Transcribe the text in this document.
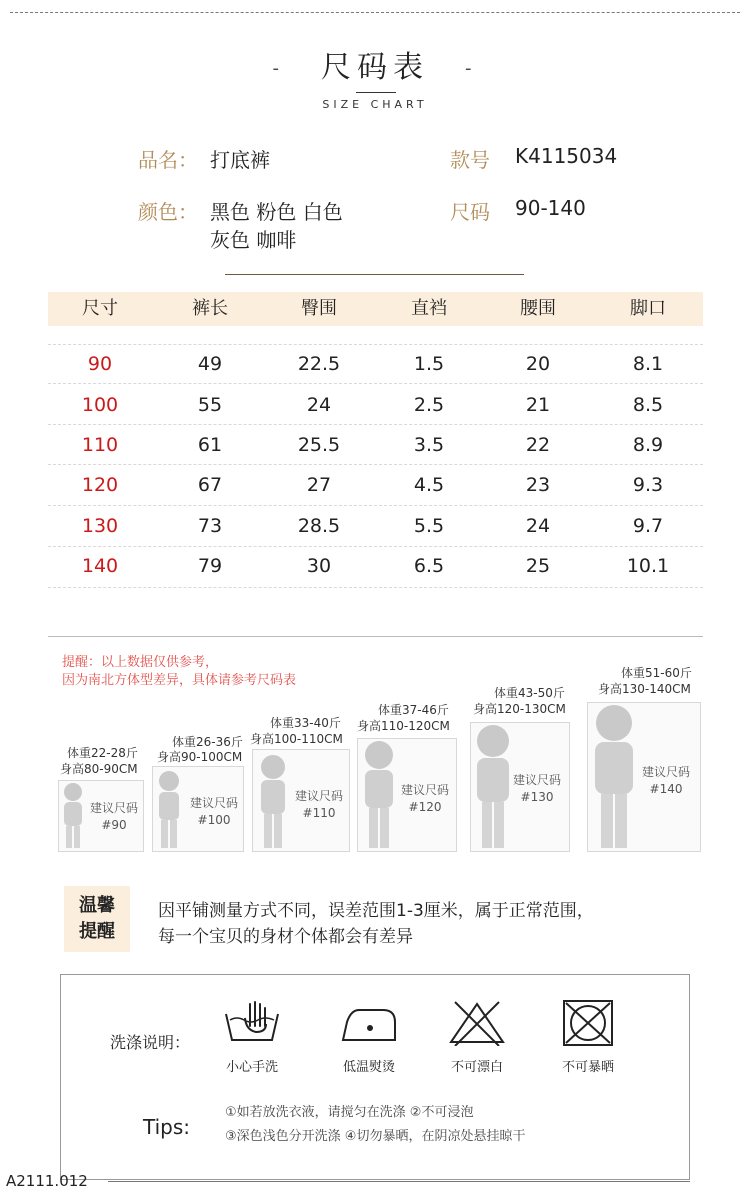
- 尺码表 -
SIZE CHART
品名： 打底裤	款号 K4115034
颜色： 黑色 粉色 白色
灰色 咖啡
尺码 90-140
尺寸	裤长	臀围	直裆	腰围	脚口
90	49	22.5	1.5	20	8.1
100	55	24	2.5	21	8.5
110	61	25.5	3.5	22	8.9
120	67	27	4.5	23	9.3
130	73	28.5	5.5	24	9.7
140	79	30	6.5	25	10.1
提醒：以上数据仅供参考，
因为南北方体型差异，具体请参考尺码表
体重22-28斤
身高80-90CM
建议尺码
#90
体重26-36斤
身高90-100CM
建议尺码
#100
体重33-40斤
身高100-110CM
建议尺码
#110
体重37-46斤
身高110-120CM
建议尺码
#120
体重43-50斤
身高120-130CM
建议尺码
#130
体重51-60斤
身高130-140CM
建议尺码
#140
温馨
提醒
因平铺测量方式不同，误差范围1-3厘米，属于正常范围，
每一个宝贝的身材个体都会有差异
洗涤说明：
小心手洗	低温熨烫	不可漂白	不可暴晒
Tips:
①如若放洗衣液，请搅匀在洗涤 ②不可浸泡
③深色浅色分开洗涤 ④切勿暴晒，在阴凉处悬挂晾干
A2111.012
